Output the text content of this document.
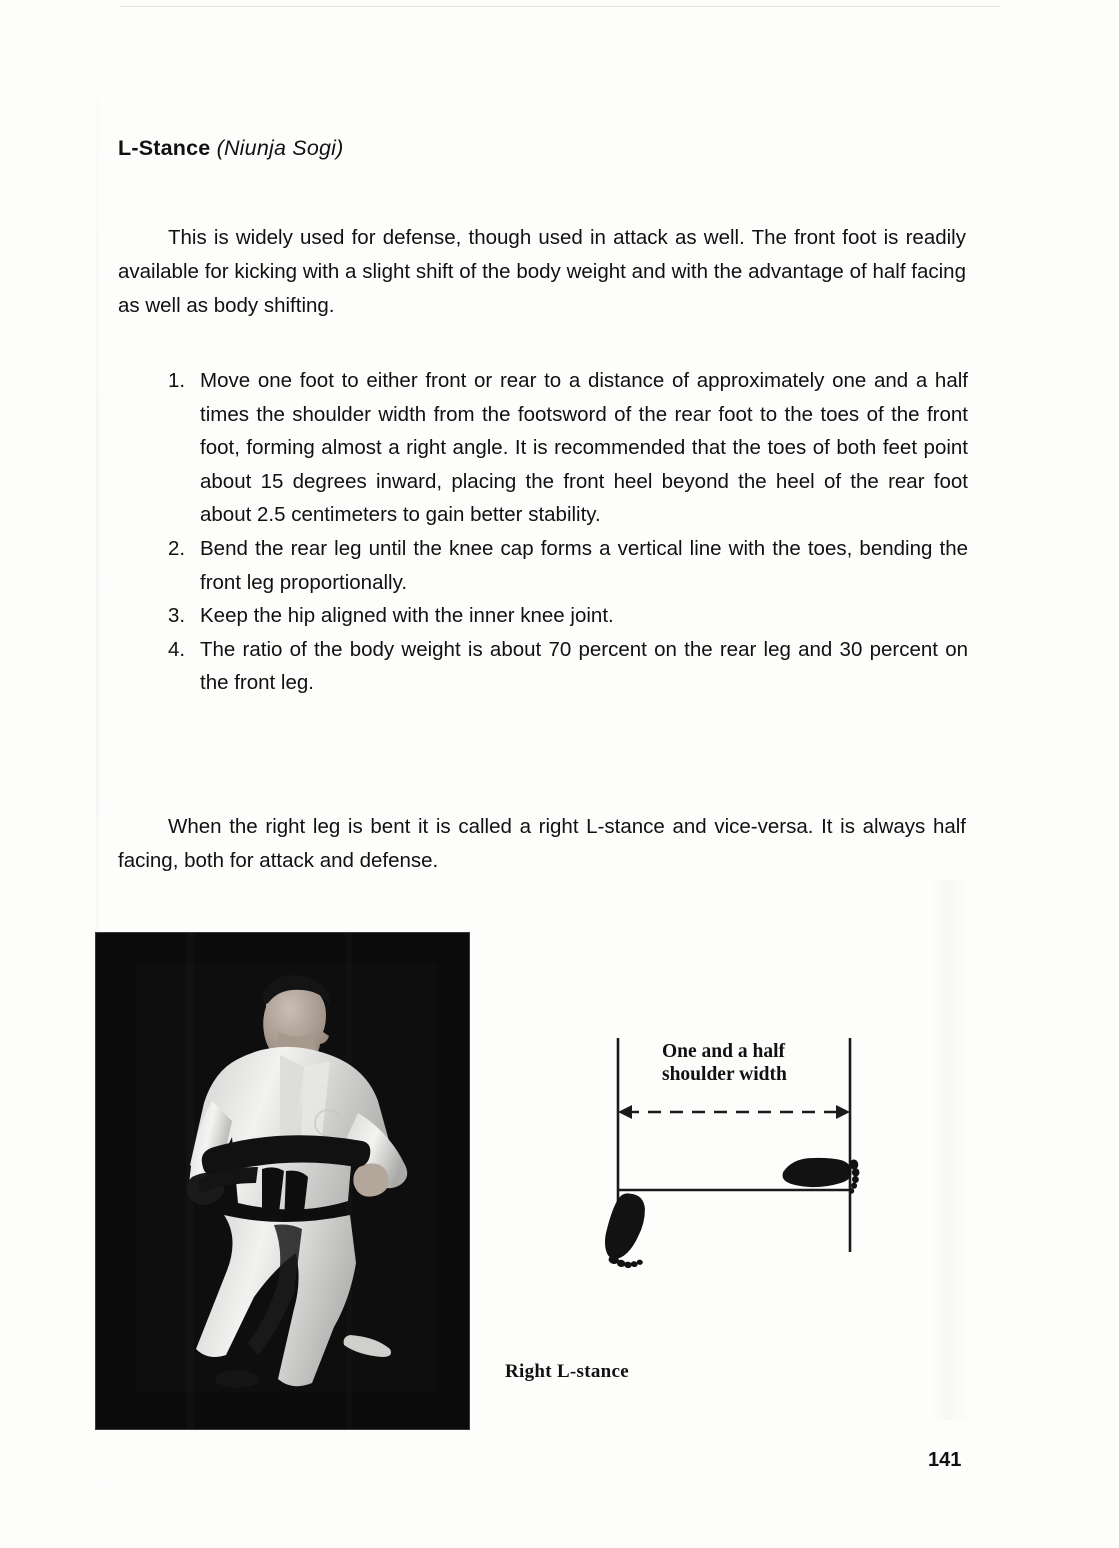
L-Stance (Niunja Sogi)

This is widely used for defense, though used in attack as well. The front foot is readily available for kicking with a slight shift of the body weight and with the advantage of half facing as well as body shifting.

1. Move one foot to either front or rear to a distance of approximately one and a half times the shoulder width from the footsword of the rear foot to the toes of the front foot, forming almost a right angle. It is recommended that the toes of both feet point about 15 degrees inward, placing the front heel beyond the heel of the rear foot about 2.5 centimeters to gain better stability.
2. Bend the rear leg until the knee cap forms a vertical line with the toes, bending the front leg proportionally.
3. Keep the hip aligned with the inner knee joint.
4. The ratio of the body weight is about 70 percent on the rear leg and 30 percent on the front leg.

When the right leg is bent it is called a right L-stance and vice-versa. It is always half facing, both for attack and defense.

One and a half
shoulder width
Right L-stance
141
